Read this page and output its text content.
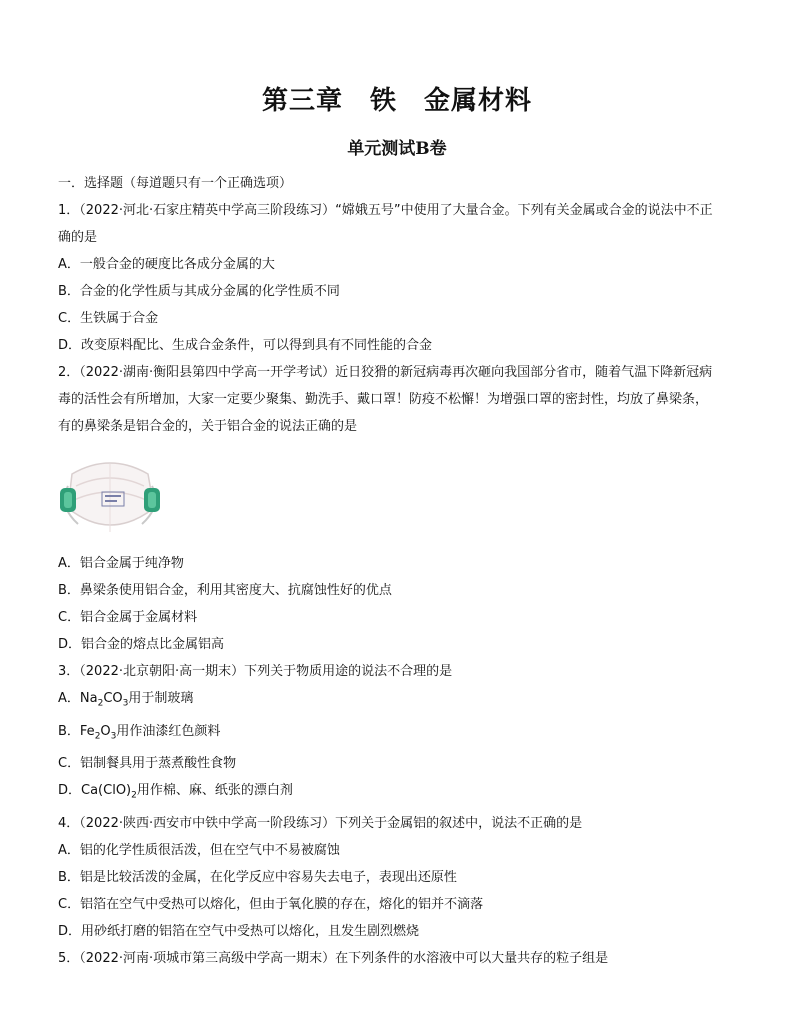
第三章　铁　金属材料
单元测试B卷
一．选择题（每道题只有一个正确选项）
1．（2022·河北·石家庄精英中学高三阶段练习）“嫦娥五号”中使用了大量合金。下列有关金属或合金的说法中不正
确的是
A．一般合金的硬度比各成分金属的大
B．合金的化学性质与其成分金属的化学性质不同
C．生铁属于合金
D．改变原料配比、生成合金条件，可以得到具有不同性能的合金
2．（2022·湖南·衡阳县第四中学高一开学考试）近日狡猾的新冠病毒再次砸向我国部分省市，随着气温下降新冠病
毒的活性会有所增加，大家一定要少聚集、勤洗手、戴口罩！防疫不松懈！为增强口罩的密封性，均放了鼻梁条，
有的鼻梁条是铝合金的，关于铝合金的说法正确的是
A．铝合金属于纯净物
B．鼻梁条使用铝合金，利用其密度大、抗腐蚀性好的优点
C．铝合金属于金属材料
D．铝合金的熔点比金属铝高
3．（2022·北京朝阳·高一期末）下列关于物质用途的说法不合理的是
A．$Na_2CO_3$用于制玻璃
B．$Fe_2O_3$用作油漆红色颜料
C．铝制餐具用于蒸煮酸性食物
D．$Ca(ClO)_2$用作棉、麻、纸张的漂白剂
4．（2022·陕西·西安市中铁中学高一阶段练习）下列关于金属铝的叙述中，说法不正确的是
A．铝的化学性质很活泼，但在空气中不易被腐蚀
B．铝是比较活泼的金属，在化学反应中容易失去电子，表现出还原性
C．铝箔在空气中受热可以熔化，但由于氧化膜的存在，熔化的铝并不滴落
D．用砂纸打磨的铝箔在空气中受热可以熔化，且发生剧烈燃烧
5．（2022·河南·项城市第三高级中学高一期末）在下列条件的水溶液中可以大量共存的粒子组是
